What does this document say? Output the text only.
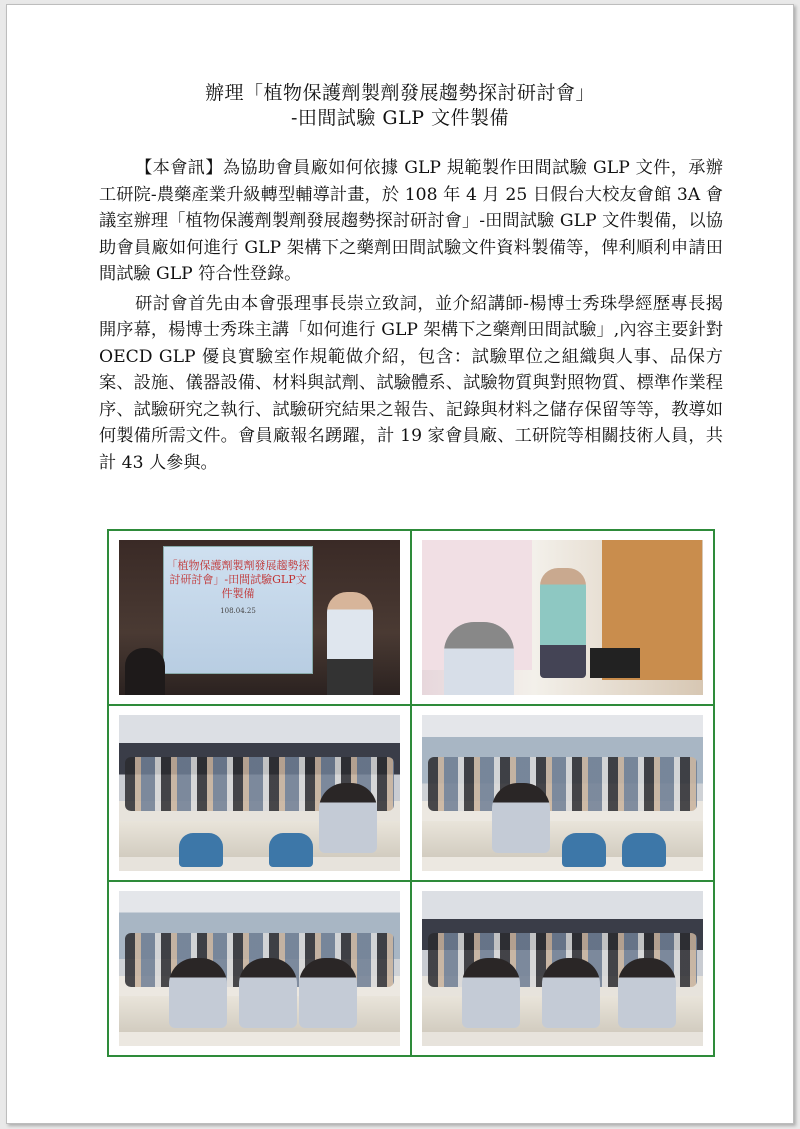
辦理「植物保護劑製劑發展趨勢探討研討會」
-田間試驗 GLP 文件製備

【本會訊】為協助會員廠如何依據 GLP 規範製作田間試驗 GLP 文件，承辦工研院-農藥產業升級轉型輔導計畫，於 108 年 4 月 25 日假台大校友會館 3A 會議室辦理「植物保護劑製劑發展趨勢探討研討會」-田間試驗 GLP 文件製備，以協助會員廠如何進行 GLP 架構下之藥劑田間試驗文件資料製備等，俾利順利申請田間試驗 GLP 符合性登錄。

研討會首先由本會張理事長崇立致詞，並介紹講師-楊博士秀珠學經歷專長揭開序幕，楊博士秀珠主講「如何進行 GLP 架構下之藥劑田間試驗」,內容主要針對 OECD GLP 優良實驗室作規範做介紹，包含：試驗單位之組織與人事、品保方案、設施、儀器設備、材料與試劑、試驗體系、試驗物質與對照物質、標準作業程序、試驗研究之執行、試驗研究結果之報告、記錄與材料之儲存保留等等，教導如何製備所需文件。會員廠報名踴躍，計 19 家會員廠、工研院等相關技術人員，共計 43 人參與。

「植物保護劑製劑發展趨勢探討研討會」-田間試驗GLP文件製備
108.04.25
